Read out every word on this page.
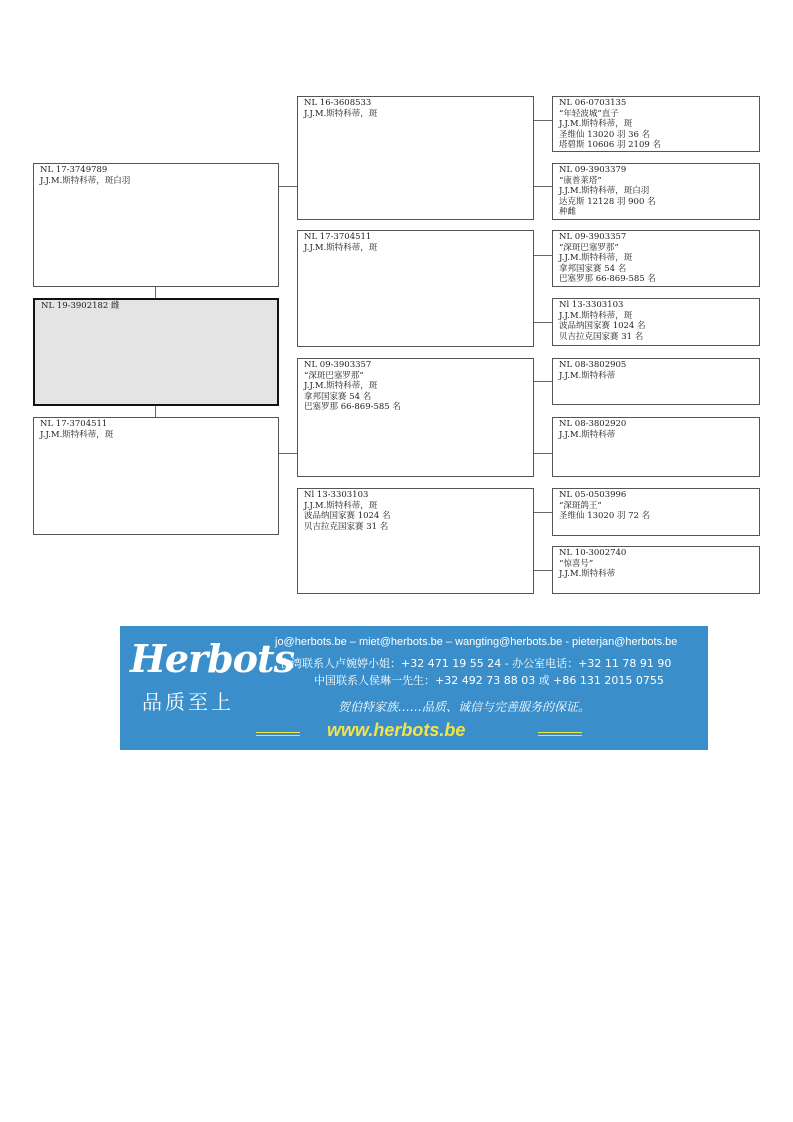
NL 17-3749789
J.J.M.斯特科蒂，斑白羽
NL 19-3902182 雌
NL 17-3704511
J.J.M.斯特科蒂，斑
NL 16-3608533
J.J.M.斯特科蒂，斑
NL 17-3704511
J.J.M.斯特科蒂，斑
NL 09-3903357
“深斑巴塞罗那”
J.J.M.斯特科蒂，斑
拿邦国家赛 54 名
巴塞罗那 66-869-585 名
Nl 13-3303103
J.J.M.斯特科蒂，斑
波品纳国家赛 1024 名
贝吉拉克国家赛 31 名
NL 06-0703135
“年轻波城”直子
J.J.M.斯特科蒂，斑
圣维仙 13020 羽 36 名
塔碧斯 10606 羽 2109 名
NL 09-3903379
“康普莱塔”
J.J.M.斯特科蒂，斑白羽
达克斯 12128 羽 900 名
种雌
NL 09-3903357
“深斑巴塞罗那”
J.J.M.斯特科蒂，斑
拿邦国家赛 54 名
巴塞罗那 66-869-585 名
Nl 13-3303103
J.J.M.斯特科蒂，斑
波品纳国家赛 1024 名
贝吉拉克国家赛 31 名
NL 08-3802905
J.J.M.斯特科蒂
NL 08-3802920
J.J.M.斯特科蒂
NL 05-0503996
“深斑鸽王”
圣维仙 13020 羽 72 名
NL 10-3002740
“惊喜号”
J.J.M.斯特科蒂
Herbots
品质至上
jo@herbots.be – miet@herbots.be – wangting@herbots.be - pieterjan@herbots.be
台湾联系人卢婉婷小姐：+32 471 19 55 24 - 办公室电话：+32 11 78 91 90
中国联系人侯琳一先生：+32 492 73 88 03 或 +86 131 2015 0755
贺伯特家族……品质、诚信与完善服务的保证。
www.herbots.be
